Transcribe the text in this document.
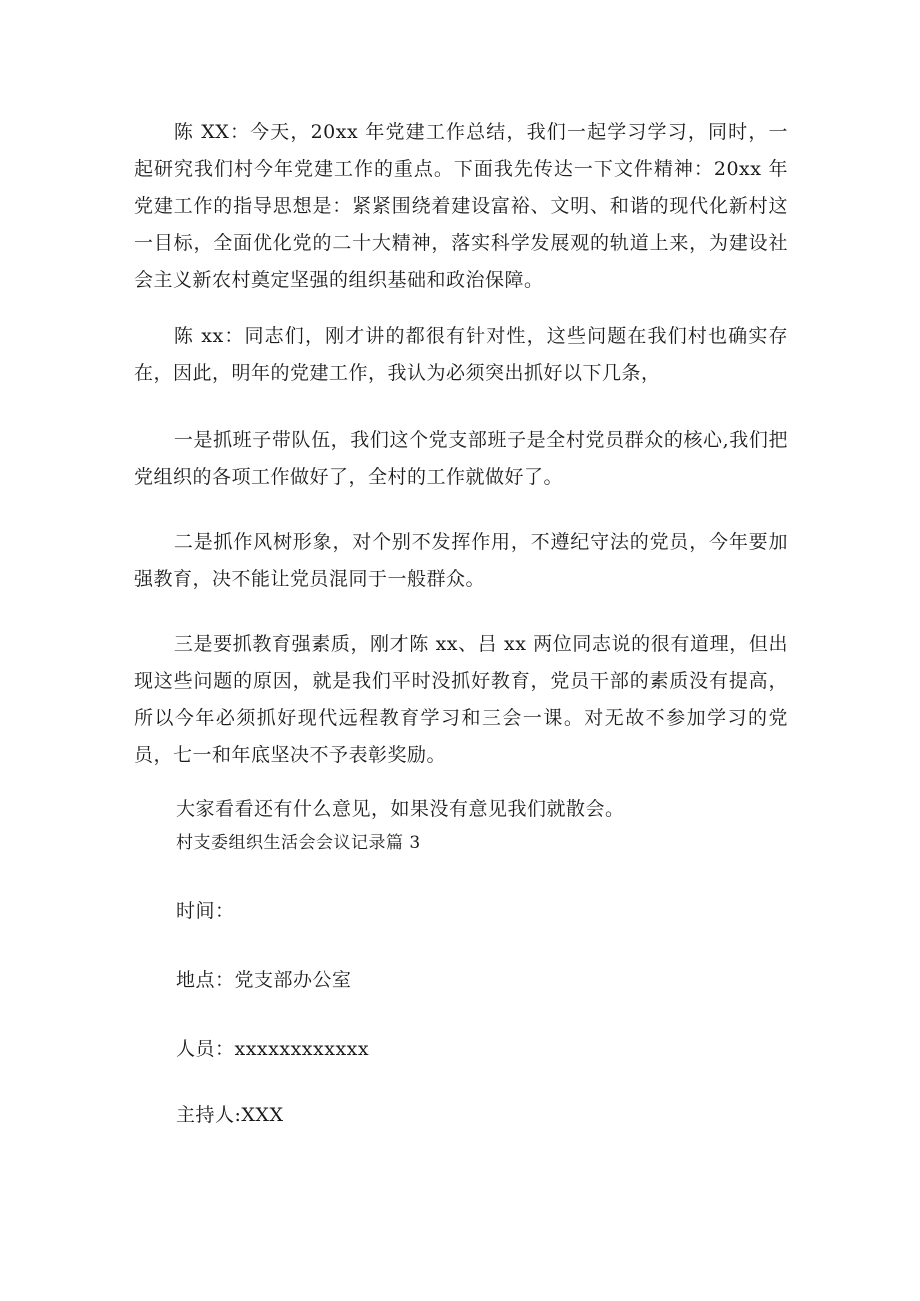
陈 XX：今天，20xx 年党建工作总结，我们一起学习学习，同时，一起研究我们村今年党建工作的重点。下面我先传达一下文件精神：20xx 年党建工作的指导思想是：紧紧围绕着建设富裕、文明、和谐的现代化新村这一目标，全面优化党的二十大精神，落实科学发展观的轨道上来，为建设社会主义新农村奠定坚强的组织基础和政治保障。

陈 xx：同志们，刚才讲的都很有针对性，这些问题在我们村也确实存在，因此，明年的党建工作，我认为必须突出抓好以下几条，

一是抓班子带队伍，我们这个党支部班子是全村党员群众的核心,我们把党组织的各项工作做好了，全村的工作就做好了。

二是抓作风树形象，对个别不发挥作用，不遵纪守法的党员，今年要加强教育，决不能让党员混同于一般群众。

三是要抓教育强素质，刚才陈 xx、吕 xx 两位同志说的很有道理，但出现这些问题的原因，就是我们平时没抓好教育，党员干部的素质没有提高，所以今年必须抓好现代远程教育学习和三会一课。对无故不参加学习的党员，七一和年底坚决不予表彰奖励。

大家看看还有什么意见，如果没有意见我们就散会。

村支委组织生活会会议记录篇 3

时间：

地点：党支部办公室

人员：xxxxxxxxxxxx

主持人:XXX
